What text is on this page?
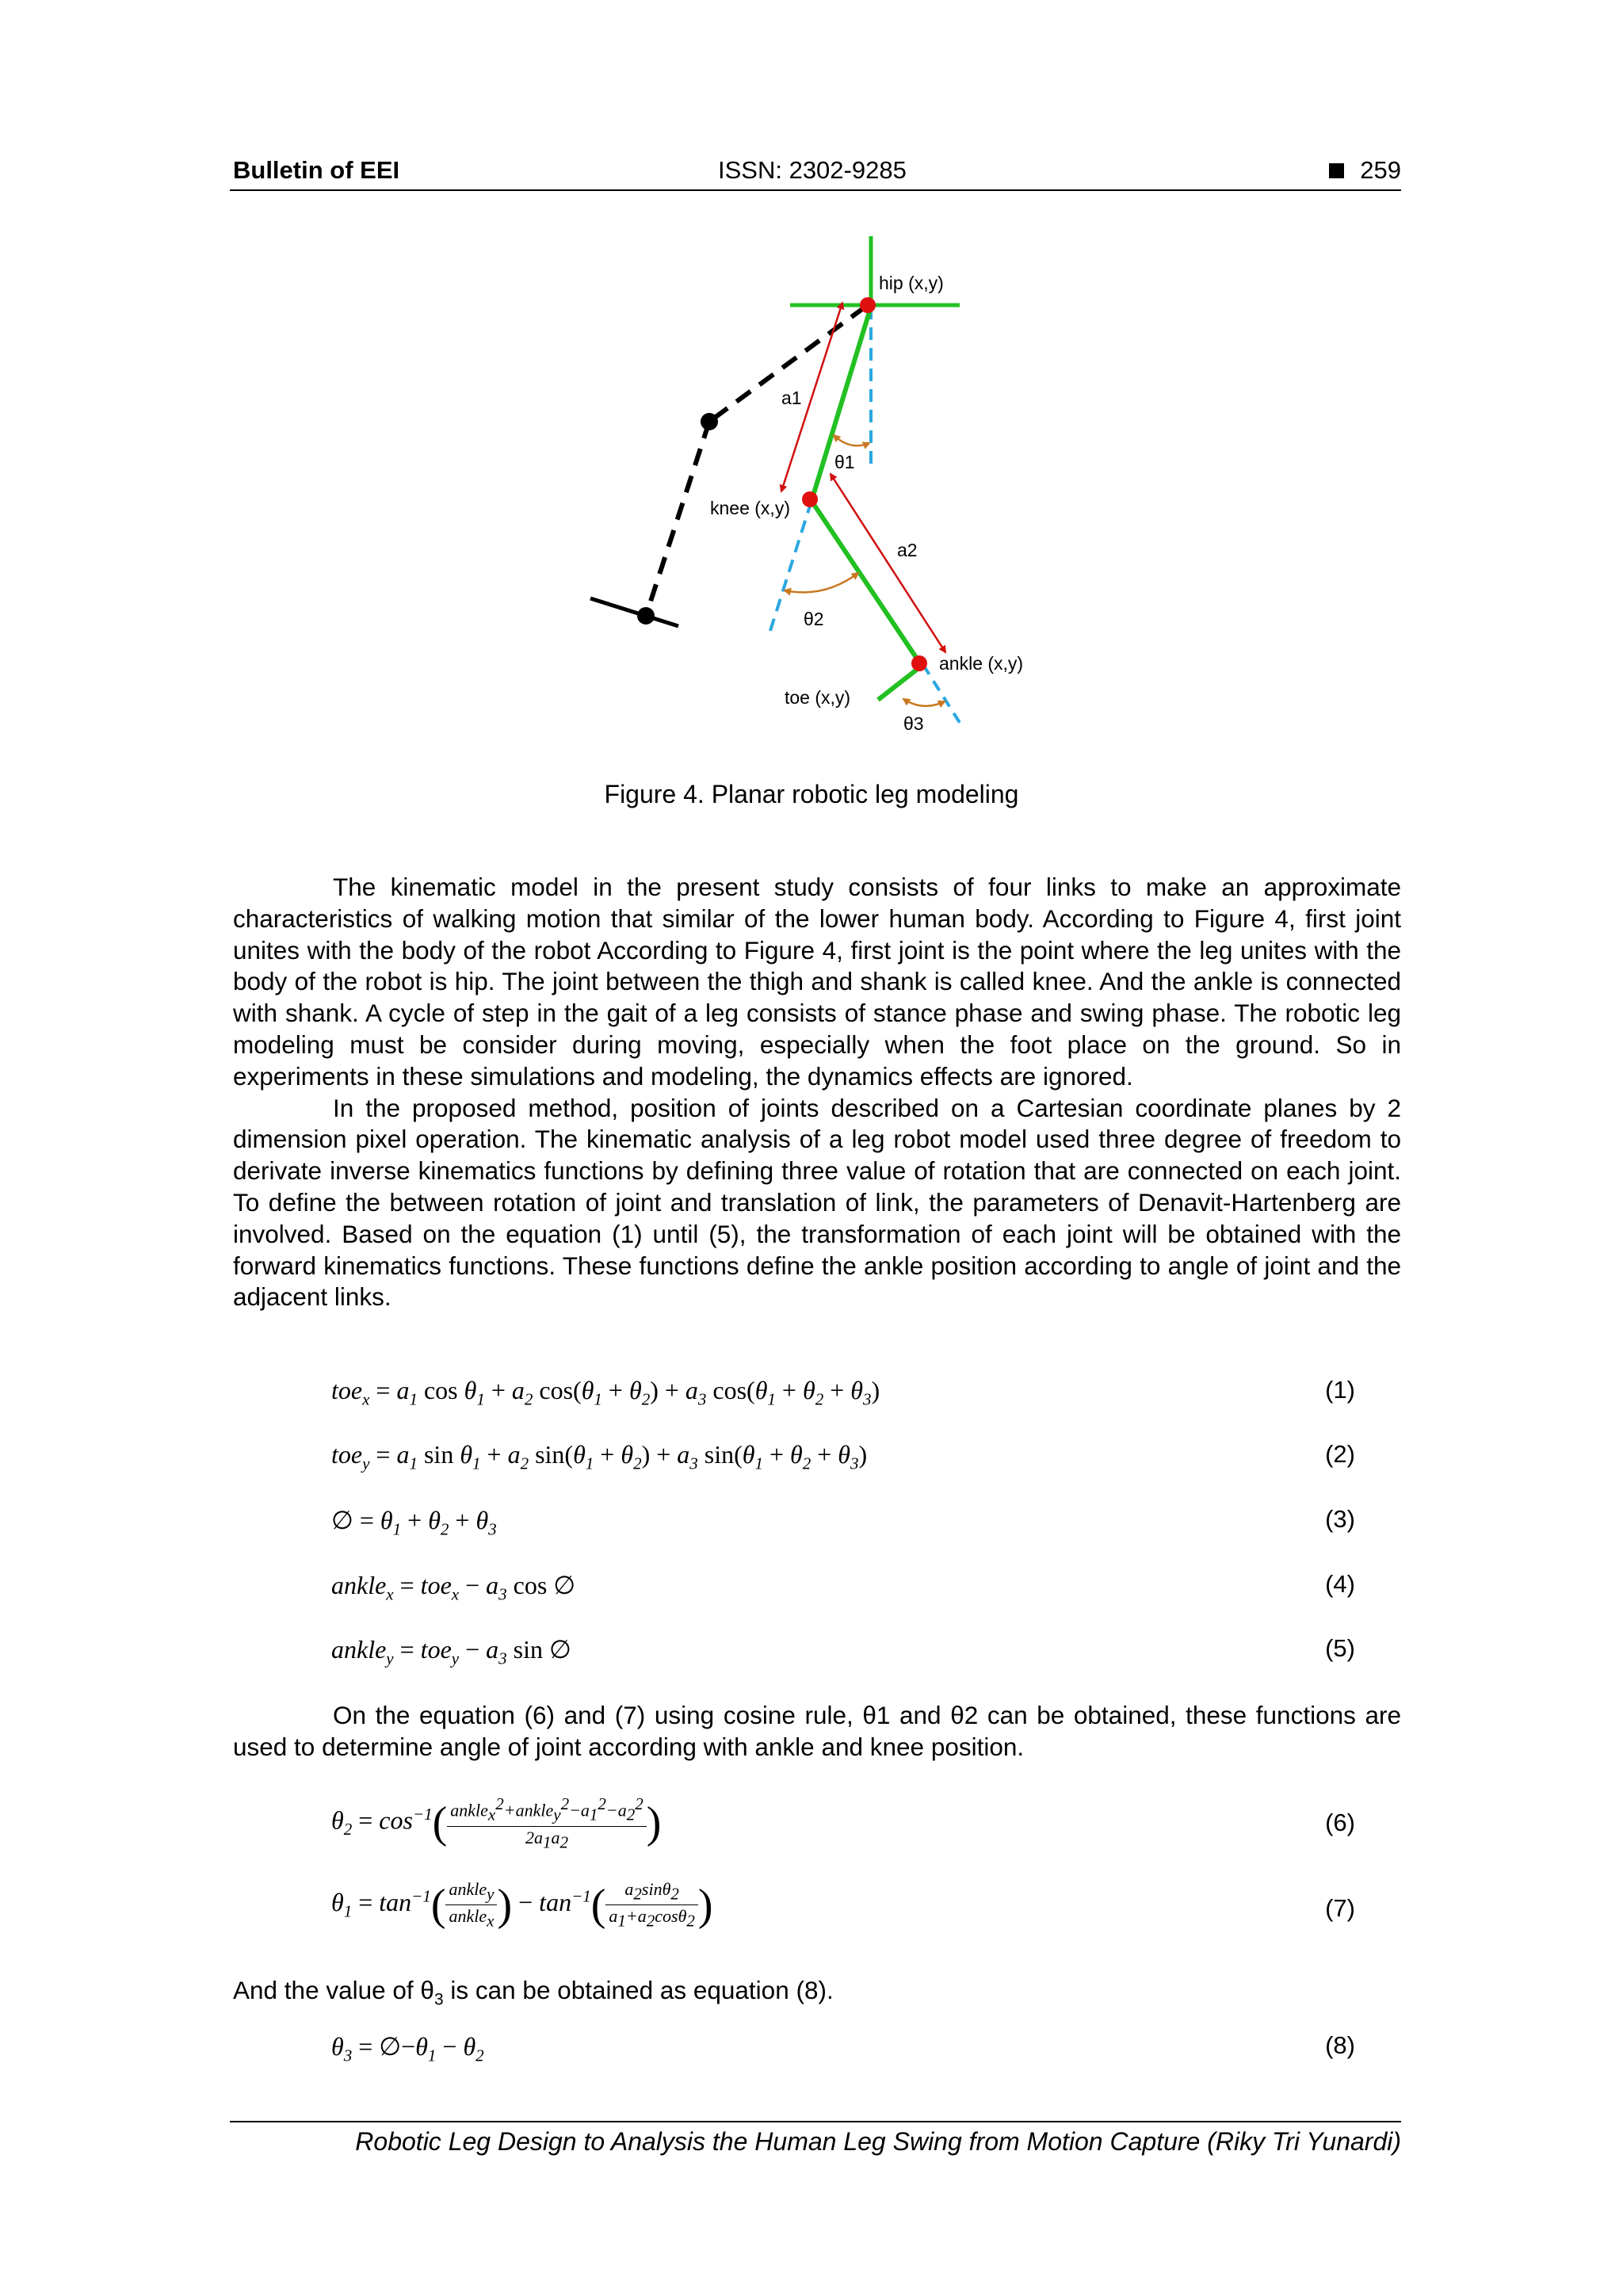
Bulletin of EEI	ISSN: 2302-9285	259
hip (x,y)
a1
θ1
knee (x,y)
a2
θ2
ankle (x,y)
toe (x,y)
θ3
Figure 4. Planar robotic leg modeling

The kinematic model in the present study consists of four links to make an approximate characteristics of walking motion that similar of the lower human body. According to Figure 4, first joint unites with the body of the robot According to Figure 4, first joint is the point where the leg unites with the body of the robot is hip. The joint between the thigh and shank is called knee. And the ankle is connected with shank. A cycle of step in the gait of a leg consists of stance phase and swing phase. The robotic leg modeling must be consider during moving, especially when the foot place on the ground. So in experiments in these simulations and modeling, the dynamics effects are ignored.

In the proposed method, position of joints described on a Cartesian coordinate planes by 2 dimension pixel operation. The kinematic analysis of a leg robot model used three degree of freedom to derivate inverse kinematics functions by defining three value of rotation that are connected on each joint. To define the between rotation of joint and translation of link, the parameters of Denavit-Hartenberg are involved. Based on the equation (1) until (5), the transformation of each joint will be obtained with the forward kinematics functions. These functions define the ankle position according to angle of joint and the adjacent links.

$toe_x = a_1$ $\cos \theta_1 + a_2$ $\cos(\theta_1 + \theta_2) + a_3$ $\cos(\theta_1 + \theta_2 + \theta_3)$	(1)
$toe_y = a_1$ $\sin \theta_1 + a_2$ $\sin(\theta_1 + \theta_2) + a_3$ $\sin(\theta_1 + \theta_2 + \theta_3)$	(2)
∅ = $\theta_1 + \theta_2 + \theta_3$	(3)
ankle$_x$ = $toe_x - a_3$ cos ∅	(4)
ankle$_y$ = $toe_y - a_3$ sin ∅	(5)

On the equation (6) and (7) using cosine rule, θ1 and θ2 can be obtained, these functions are used to determine angle of joint according with ankle and knee position.

$\theta_2 = \cos^{-1}( \frac{ankle_x^2+ankle_y^2-a_1^2-a_2^2}{2a_1a_2}$ )	(6)
$\theta_1 = \tan^{-1}( \frac{ankle_y}{ankle_x}$ ) − $\tan^{-1}( \frac{a_2\sin\theta_2}{a_1+a_2\cos\theta_2}$ )	(7)

And the value of $\theta_3$ is can be obtained as equation (8).

$\theta_3$ = $\emptyset-\theta_1 - \theta_2$	(8)
Robotic Leg Design to Analysis the Human Leg Swing from Motion Capture (Riky Tri Yunardi)
